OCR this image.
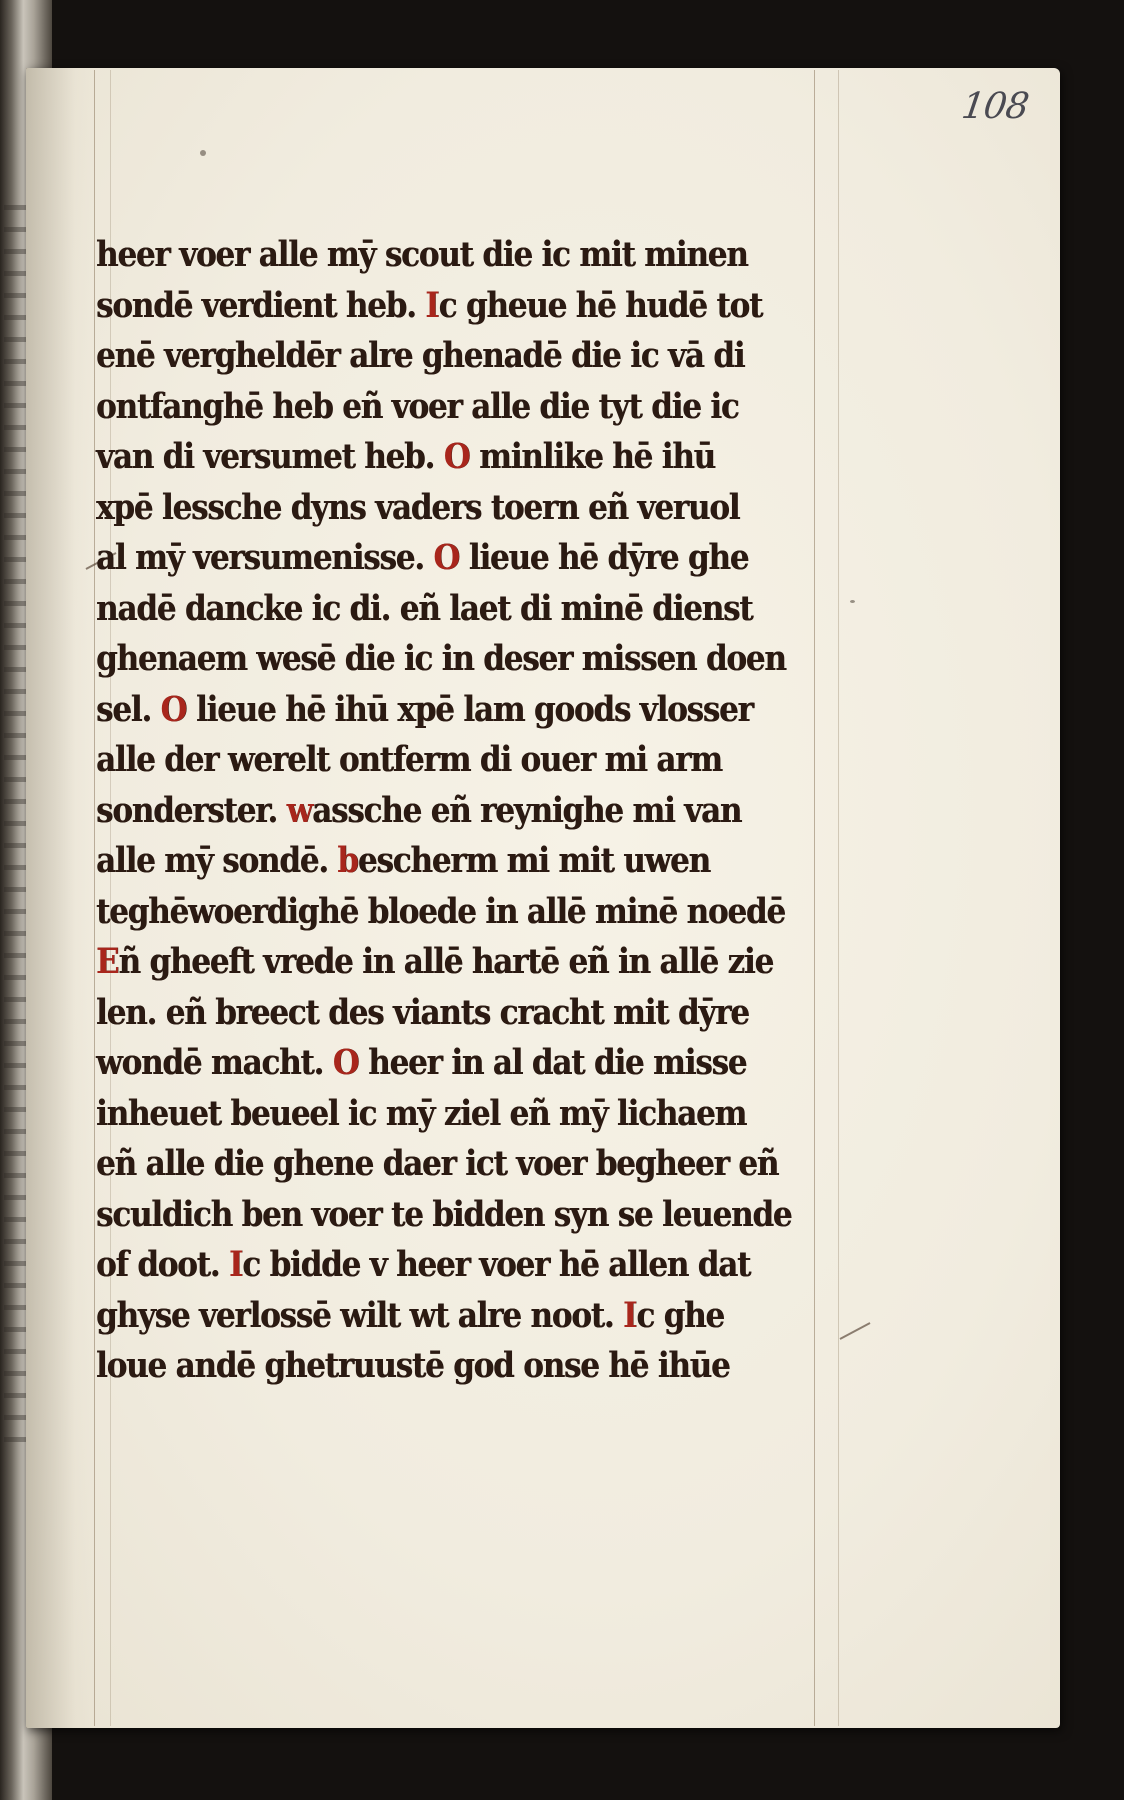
108
heer voer alle mȳ scout die ic mit minen
sondē verdient heb. Ic gheue hē hudē tot
enē vergheldēr alre ghenadē die ic vā di
ontfanghē heb eñ voer alle die tyt die ic
van di versumet heb. O minlike hē ihū
xpē lessche dyns vaders toern eñ veruol
al mȳ versumenisse. O lieue hē dȳre ghe
nadē dancke ic di. eñ laet di minē dienst
ghenaem wesē die ic in deser missen doen
sel. O lieue hē ihū xpē lam goods vlosser
alle der werelt ontferm di ouer mi arm
sonderster. wassche eñ reynighe mi van
alle mȳ sondē. bescherm mi mit uwen
teghēwoerdighē bloede in allē minē noedē
Eñ gheeft vrede in allē hartē eñ in allē zie
len. eñ breect des viants cracht mit dȳre
wondē macht. O heer in al dat die misse
inheuet beueel ic mȳ ziel eñ mȳ lichaem
eñ alle die ghene daer ict voer begheer eñ
sculdich ben voer te bidden syn se leuende
of doot. Ic bidde v heer voer hē allen dat
ghyse verlossē wilt wt alre noot. Ic ghe
loue andē ghetruustē god onse hē ihūe
